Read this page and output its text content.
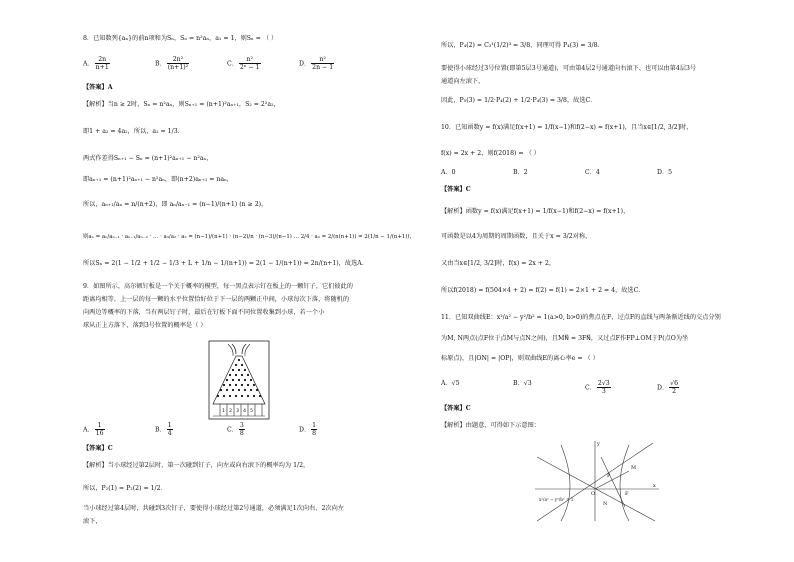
8．已知数列{aₙ}的前n项和为Sₙ，Sₙ = n²aₙ，a₁ = 1，则Sₙ = （ ）
A． $\frac{2n}{n+1}$	B． $\frac{\text{2n²}}{\text{(n+1)²}}$	C． $\frac{\text{n²}}{\text{2ⁿ − 1}}$	D． $\frac{\text{n²}}{2n - 1}$
【答案】A
【解析】当n ≥ 2时，Sₙ = n²aₙ，则Sₙ₊₁ = (n+1)²aₙ₊₁，S₂ = 2²a₂，
即1 + a₂ = 4a₂，所以，a₂ = 1/3．
两式作差得Sₙ₊₁ − Sₙ = (n+1)²aₙ₊₁ − n²aₙ，
即aₙ₊₁ = (n+1)²aₙ₊₁ − n²aₙ，即(n+2)aₙ₊₁ = naₙ，
所以，aₙ₊₁/aₙ = n/(n+2)，即 aₙ/aₙ₋₁ = (n−1)/(n+1) (n ≥ 2)，
则aₙ = aₙ/aₙ₋₁ · aₙ₋₁/aₙ₋₂ · … · a₃/a₂ · a₂ = (n−1)/(n+1) · (n−2)/n · (n−3)/(n−1) … 2/4 · a₂ = 2/(n(n+1)) = 2(1/n − 1/(n+1))，
所以Sₙ = 2(1 − 1/2 + 1/2 − 1/3 + L + 1/n − 1/(n+1)) = 2(1 − 1/(n+1)) = 2n/(n+1)，故选A．
9．如图所示，高尔顿钉板是一个关于概率的模型，每一黑点表示钉在板上的一颗钉子，它们彼此的
距离均相等，上一层的每一颗的水平位置恰好位于下一层的两颗正中间，小球每次下落，将随机的
向两边等概率的下落，当有两层钉子时，最后在钉板下面不同位置收集到小球，若一个小
球从正上方落下，落到3号位置的概率是（ ）
1 2 3 4 5
A． $\frac{1}{16}$	B． $\frac{1}{4}$	C． $\frac{3}{8}$	D． $\frac{1}{8}$
【答案】C
【解析】当小球经过第2层时，第一次碰到钉子，向左或向右滚下的概率均为 1/2，
所以，P₂(1) = P₂(2) = 1/2．
当小球经过第4层时，共碰到3次钉子，要使得小球经过第2号通道，必须满足1次向右、2次向左
滚下，
所以，P₄(2) = C₃¹(1/2)³ = 3/8，同理可得 P₄(3) = 3/8．
要使得小球经过3号位置(即第5层3号通道)，可由第4层2号通道向右滚下、也可以由第4层3号
通道向左滚下，
因此，P₅(3) = 1/2·P₄(2) + 1/2·P₄(3) = 3/8，故选C．
10．已知函数y = f(x)满足f(x+1) = 1/f(x−1)和f(2−x) = f(x+1)，且当x∈[1/2, 3/2]时，
f(x) = 2x + 2，则f(2018) = （ ）
A．0	B．2	C．4	D．5
【答案】C
【解析】函数y = f(x)满足f(x+1) = 1/f(x−1)和f(2−x) = f(x+1)，
可函数是以4为周期的周期函数，且关于x = 3/2对称，
又由当x∈[1/2, 3/2]时，f(x) = 2x + 2，
所以f(2018) = f(504×4 + 2) = f(2) = f(1) = 2×1 + 2 = 4，故选C．
11．已知双曲线E：x²/a² − y²/b² = 1(a>0, b>0)的焦点在F，过点F的直线与两条渐近线的交点分别
为M, N两点(点F位于点M与点N之间)，且MN⃗ = 3FN⃗，又过点F作FP⊥OM于P(点O为坐
标原点)，且|ON| = |OP|，则双曲线E的离心率e = （ ）
A．√5	B．√3
C． $\frac{2√3}{3}$	D． $\frac{√6}{2}$
【答案】C
【解析】由题意，可得如下示意图：
y
x
O	F
M
N
P
x²/a² − y²/b² = 1
